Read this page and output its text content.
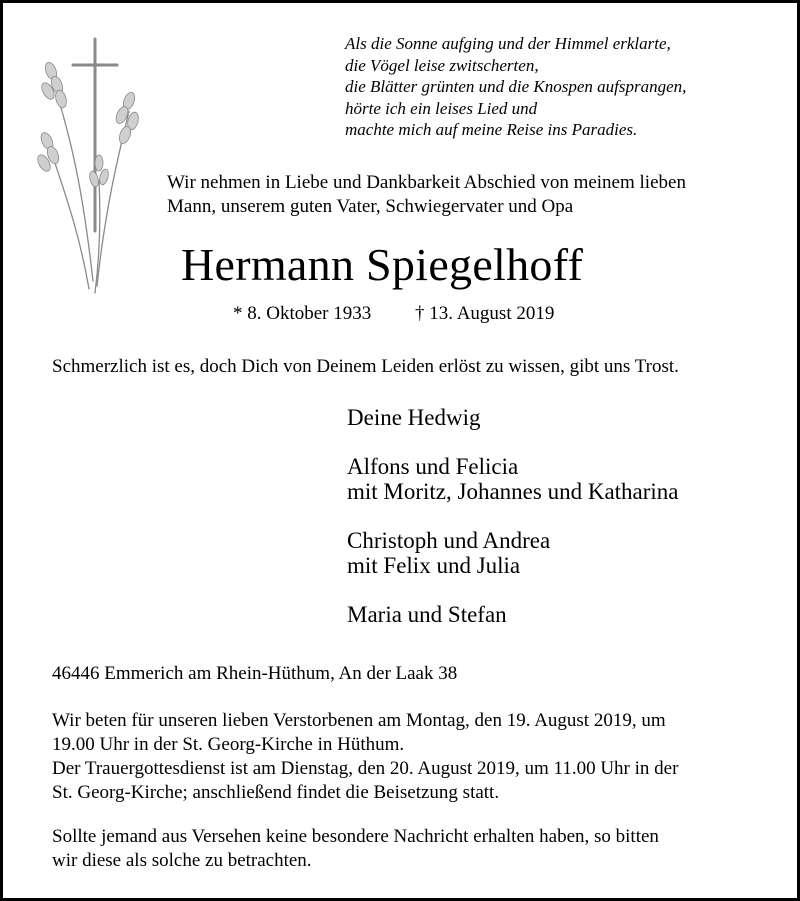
Als die Sonne aufging und der Himmel erklarte,
die Vögel leise zwitscherten,
die Blätter grünten und die Knospen aufsprangen,
hörte ich ein leises Lied und
machte mich auf meine Reise ins Paradies.
Wir nehmen in Liebe und Dankbarkeit Abschied von meinem lieben
Mann, unserem guten Vater, Schwiegervater und Opa
Hermann Spiegelhoff
* 8. Oktober 1933 † 13. August 2019
Schmerzlich ist es, doch Dich von Deinem Leiden erlöst zu wissen, gibt uns Trost.
Deine Hedwig
Alfons und Felicia
mit Moritz, Johannes und Katharina
Christoph und Andrea
mit Felix und Julia
Maria und Stefan
46446 Emmerich am Rhein-Hüthum, An der Laak 38
Wir beten für unseren lieben Verstorbenen am Montag, den 19. August 2019, um
19.00 Uhr in der St. Georg-Kirche in Hüthum.
Der Trauergottesdienst ist am Dienstag, den 20. August 2019, um 11.00 Uhr in der
St. Georg-Kirche; anschließend findet die Beisetzung statt.
Sollte jemand aus Versehen keine besondere Nachricht erhalten haben, so bitten
wir diese als solche zu betrachten.
